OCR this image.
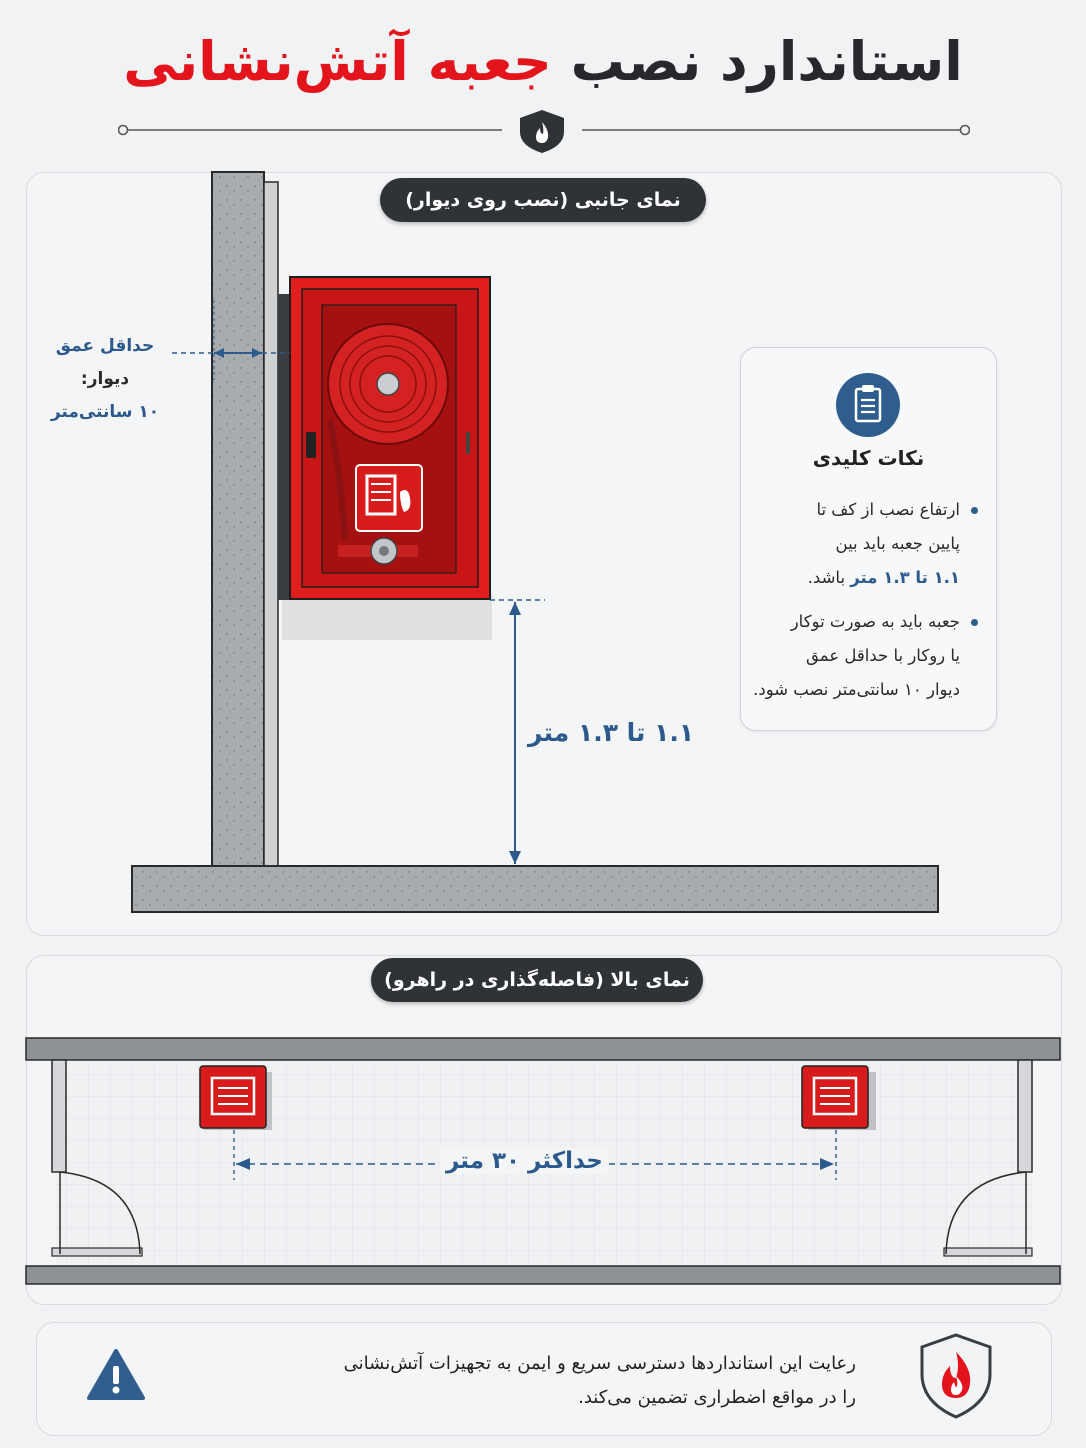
استاندارد نصب جعبه آتش‌نشانی
نمای جانبی (نصب روی دیوار)
حداقل عمق
دیوار:
۱۰ سانتی‌متر
۱.۱ تا ۱.۳ متر
نکات کلیدی
ارتفاع نصب از کف تا
پایین جعبه باید بین
۱.۱ تا ۱.۳ متر باشد.
جعبه باید به صورت توکار
یا روکار با حداقل عمق
دیوار ۱۰ سانتی‌متر نصب شود.
نمای بالا (فاصله‌گذاری در راهرو)
حداکثر ۳۰ متر
رعایت این استانداردها دسترسی سریع و ایمن به تجهیزات آتش‌نشانی
را در مواقع اضطراری تضمین می‌کند.
